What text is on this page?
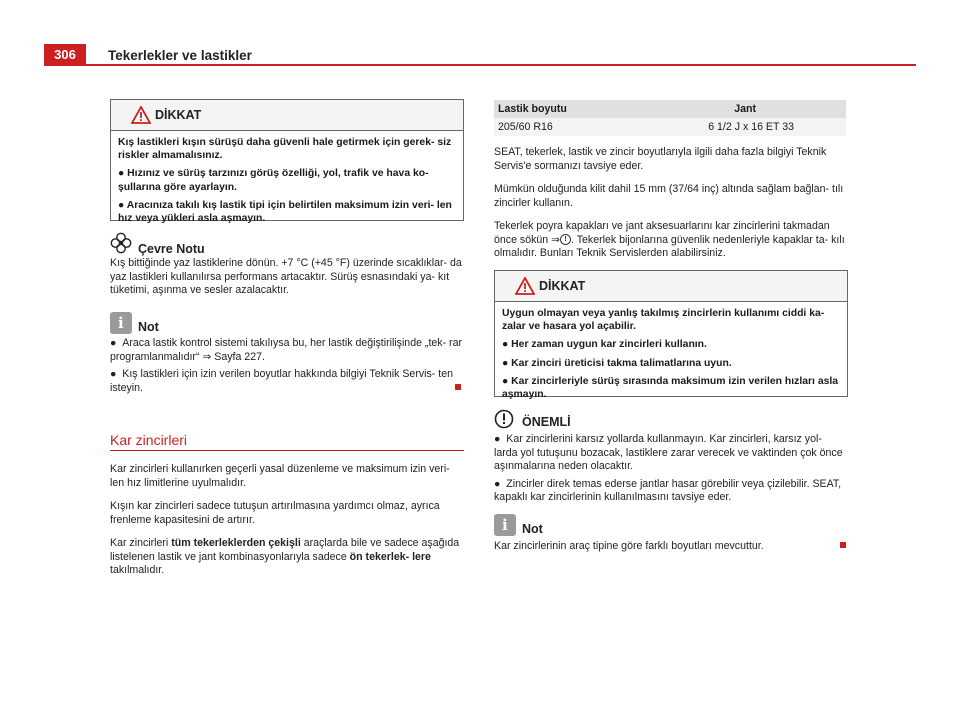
306	Tekerlekler ve lastikler
DİKKAT

Kış lastikleri kışın sürüşü daha güvenli hale getirmek için gerek- siz riskler almamalısınız.

● Hızınız ve sürüş tarzınızı görüş özelliği, yol, trafik ve hava ko- şullarına göre ayarlayın.

● Aracınıza takılı kış lastik tipi için belirtilen maksimum izin veri- len hız veya yükleri asla aşmayın.

Çevre Notu
Kış bittiğinde yaz lastiklerine dönün. +7 °C (+45 °F) üzerinde sıcaklıklar- da yaz lastikleri kullanılırsa performans artacaktır. Sürüş esnasındaki ya- kıt tüketimi, aşınma ve sesler azalacaktır.
i Not

●  Araca lastik kontrol sistemi takılıysa bu, her lastik değiştirilişinde „tek- rar programlanmalıdır“ ⇒ Sayfa 227.

●  Kış lastikleri için izin verilen boyutlar hakkında bilgiyi Teknik Servis- ten isteyin.

Kar zincirleri
Kar zincirleri kullanırken geçerli yasal düzenleme ve maksimum izin veri- len hız limitlerine uyulmalıdır.
Kışın kar zincirleri sadece tutuşun artırılmasına yardımcı olmaz, ayrıca frenleme kapasitesini de artırır.
Kar zincirleri tüm tekerleklerden çekişli araçlarda bile ve sadece aşağıda listelenen lastik ve jant kombinasyonlarıyla sadece ön tekerlek- lere takılmalıdır.
Lastik boyutu	Jant
205/60 R16	6 1/2 J x 16 ET 33
SEAT, tekerlek, lastik ve zincir boyutlarıyla ilgili daha fazla bilgiyi Teknik Servis'e sormanızı tavsiye eder.
Mümkün olduğunda kilit dahil 15 mm (37/64 inç) altında sağlam bağlan- tılı zincirler kullanın.
Tekerlek poyra kapakları ve jant aksesuarlarını kar zincirlerini takmadan önce sökün ⇒ ! . Tekerlek bijonlarına güvenlik nedenleriyle kapaklar ta- kılı olmalıdır. Bunları Teknik Servislerden alabilirsiniz.
DİKKAT

Uygun olmayan veya yanlış takılmış zincirlerin kullanımı ciddi ka- zalar ve hasara yol açabilir.

● Her zaman uygun kar zincirleri kullanın.

● Kar zinciri üreticisi takma talimatlarına uyun.

● Kar zincirleriyle sürüş sırasında maksimum izin verilen hızları asla aşmayın.

ÖNEMLİ

●  Kar zincirlerini karsız yollarda kullanmayın. Kar zincirleri, karsız yol- larda yol tutuşunu bozacak, lastiklere zarar verecek ve vaktinden çok önce aşınmalarına neden olacaktır.

●  Zincirler direk temas ederse jantlar hasar görebilir veya çizilebilir. SEAT, kapaklı kar zincirlerinin kullanılmasını tavsiye eder.

i Not
Kar zincirlerinin araç tipine göre farklı boyutları mevcuttur.
